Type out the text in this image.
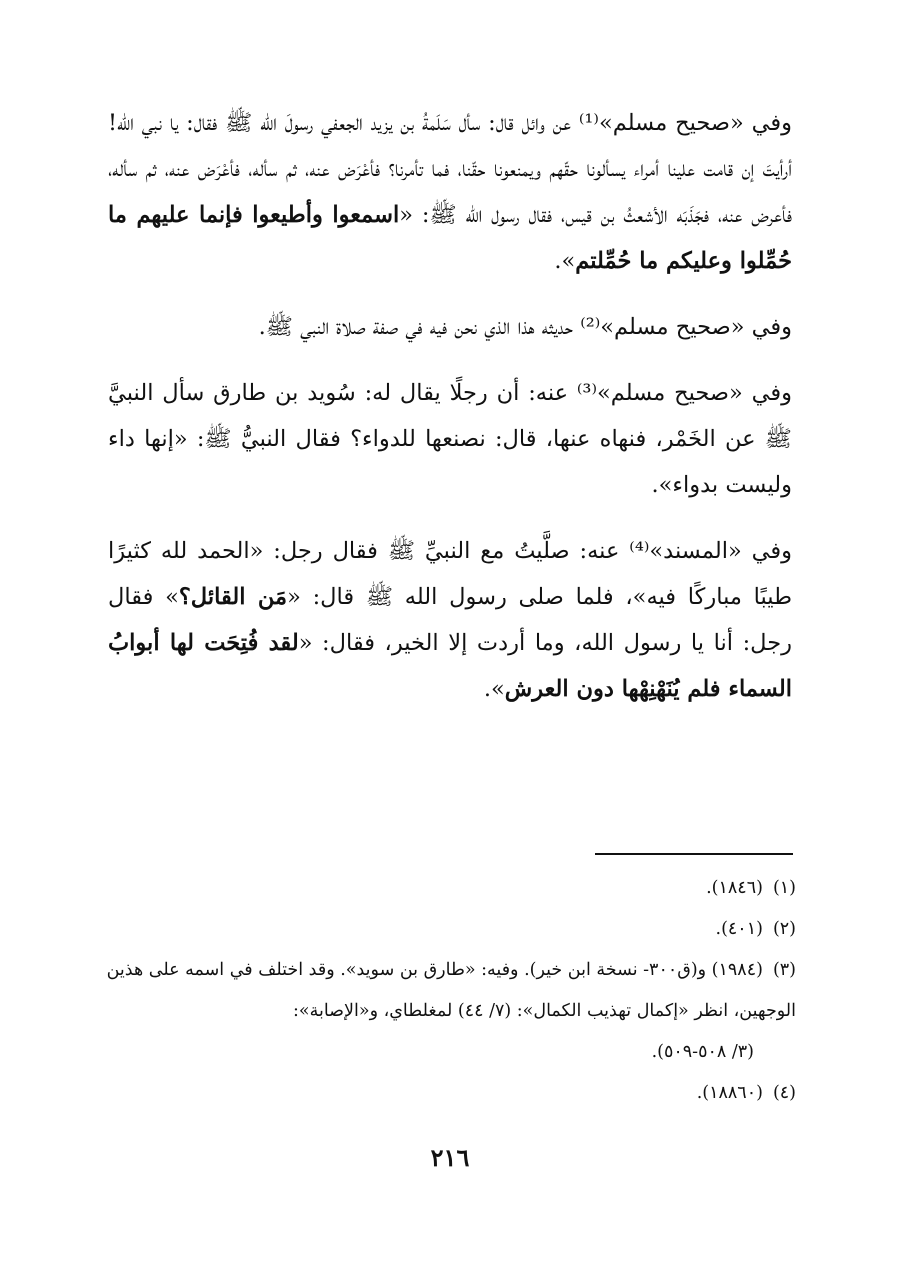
وفي «صحيح مسلم»⁽¹⁾ عن وائل قال: سأل سَلَمةُ بن يزيد الجعفي رسولَ الله ﷺ فقال: يا نبي الله! أرأيتَ إن قامت علينا أمراء يسألونا حقّهم ويمنعونا حقّنا، فما تأمرنا؟ فأعْرَض عنه، ثم سأله، فأعْرَض عنه، ثم سأله، فأعرض عنه، فجَذَبَه الأشعثُ بن قيس، فقال رسول الله ﷺ: «اسمعوا وأطيعوا فإنما عليهم ما حُمِّلوا وعليكم ما حُمِّلتم».

وفي «صحيح مسلم»⁽²⁾ حديثه هذا الذي نحن فيه في صفة صلاة النبي ﷺ.

وفي «صحيح مسلم»⁽³⁾ عنه: أن رجلًا يقال له: سُويد بن طارق سأل النبيَّ ﷺ عن الخَمْر، فنهاه عنها، قال: نصنعها للدواء؟ فقال النبيُّ ﷺ: «إنها داء وليست بدواء».

وفي «المسند»⁽⁴⁾ عنه: صلَّيتُ مع النبيِّ ﷺ فقال رجل: «الحمد لله كثيرًا طيبًا مباركًا فيه»، فلما صلى رسول الله ﷺ قال: «مَن القائل؟» فقال رجل: أنا يا رسول الله، وما أردت إلا الخير، فقال: «لقد فُتِحَت لها أبوابُ السماء فلم يُنَهْنِهْها دون العرش».

(١)(١٨٤٦).

(٢)(٤٠١).

(٣)(١٩٨٤) و(ق٣٠٠- نسخة ابن خير). وفيه: «طارق بن سويد». وقد اختلف في اسمه على هذين الوجهين، انظر «إكمال تهذيب الكمال»: (٧/ ٤٤) لمغلطاي، و«الإصابة»:

(٣/ ٥٠٨-٥٠٩).

(٤)(١٨٨٦٠).

٢١٦
